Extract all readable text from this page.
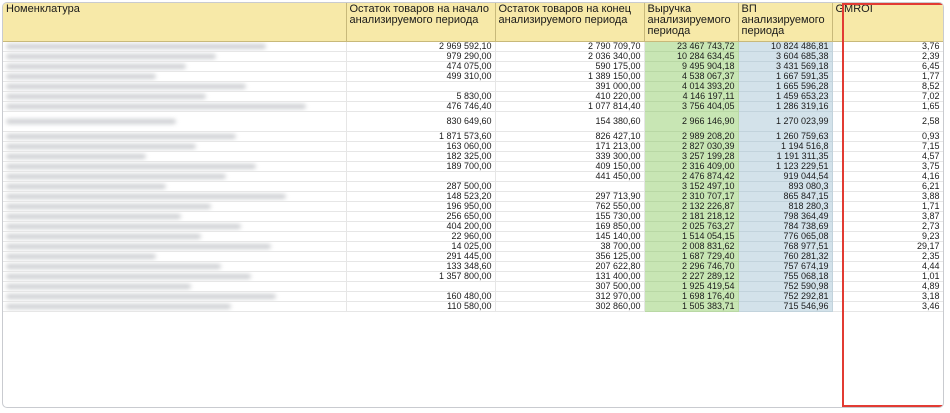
Номенклатура	Остаток товаров на начало анализируемого периода	Остаток товаров на конец анализируемого периода	Выручка анализируемого периода	ВП анализируемого периода	GMROI
	2 969 592,10	2 790 709,70	23 467 743,72	10 824 486,81	3,76
	979 290,00	2 036 340,00	10 284 634,45	3 604 685,38	2,39
	474 075,00	590 175,00	9 495 904,18	3 431 569,18	6,45
	499 310,00	1 389 150,00	4 538 067,37	1 667 591,35	1,77
		391 000,00	4 014 393,20	1 665 596,28	8,52
	5 830,00	410 220,00	4 146 197,11	1 459 653,23	7,02
	476 746,40	1 077 814,40	3 756 404,05	1 286 319,16	1,65
	830 649,60	154 380,60	2 966 146,90	1 270 023,99	2,58
	1 871 573,60	826 427,10	2 989 208,20	1 260 759,63	0,93
	163 060,00	171 213,00	2 827 030,39	1 194 516,8	7,15
	182 325,00	339 300,00	3 257 199,28	1 191 311,35	4,57
	189 700,00	409 150,00	2 316 409,00	1 123 229,51	3,75
		441 450,00	2 476 874,42	919 044,54	4,16
	287 500,00		3 152 497,10	893 080,3	6,21
	148 523,20	297 713,90	2 310 707,17	865 847,15	3,88
	196 950,00	762 550,00	2 132 226,87	818 280,3	1,71
	256 650,00	155 730,00	2 181 218,12	798 364,49	3,87
	404 200,00	169 850,00	2 025 763,27	784 738,69	2,73
	22 960,00	145 140,00	1 514 054,15	776 065,08	9,23
	14 025,00	38 700,00	2 008 831,62	768 977,51	29,17
	291 445,00	356 125,00	1 687 729,40	760 281,32	2,35
	133 348,60	207 622,80	2 296 746,70	757 674,19	4,44
	1 357 800,00	131 400,00	2 227 289,12	755 068,18	1,01
		307 500,00	1 925 419,54	752 590,98	4,89
	160 480,00	312 970,00	1 698 176,40	752 292,81	3,18
	110 580,00	302 860,00	1 505 383,71	715 546,96	3,46
